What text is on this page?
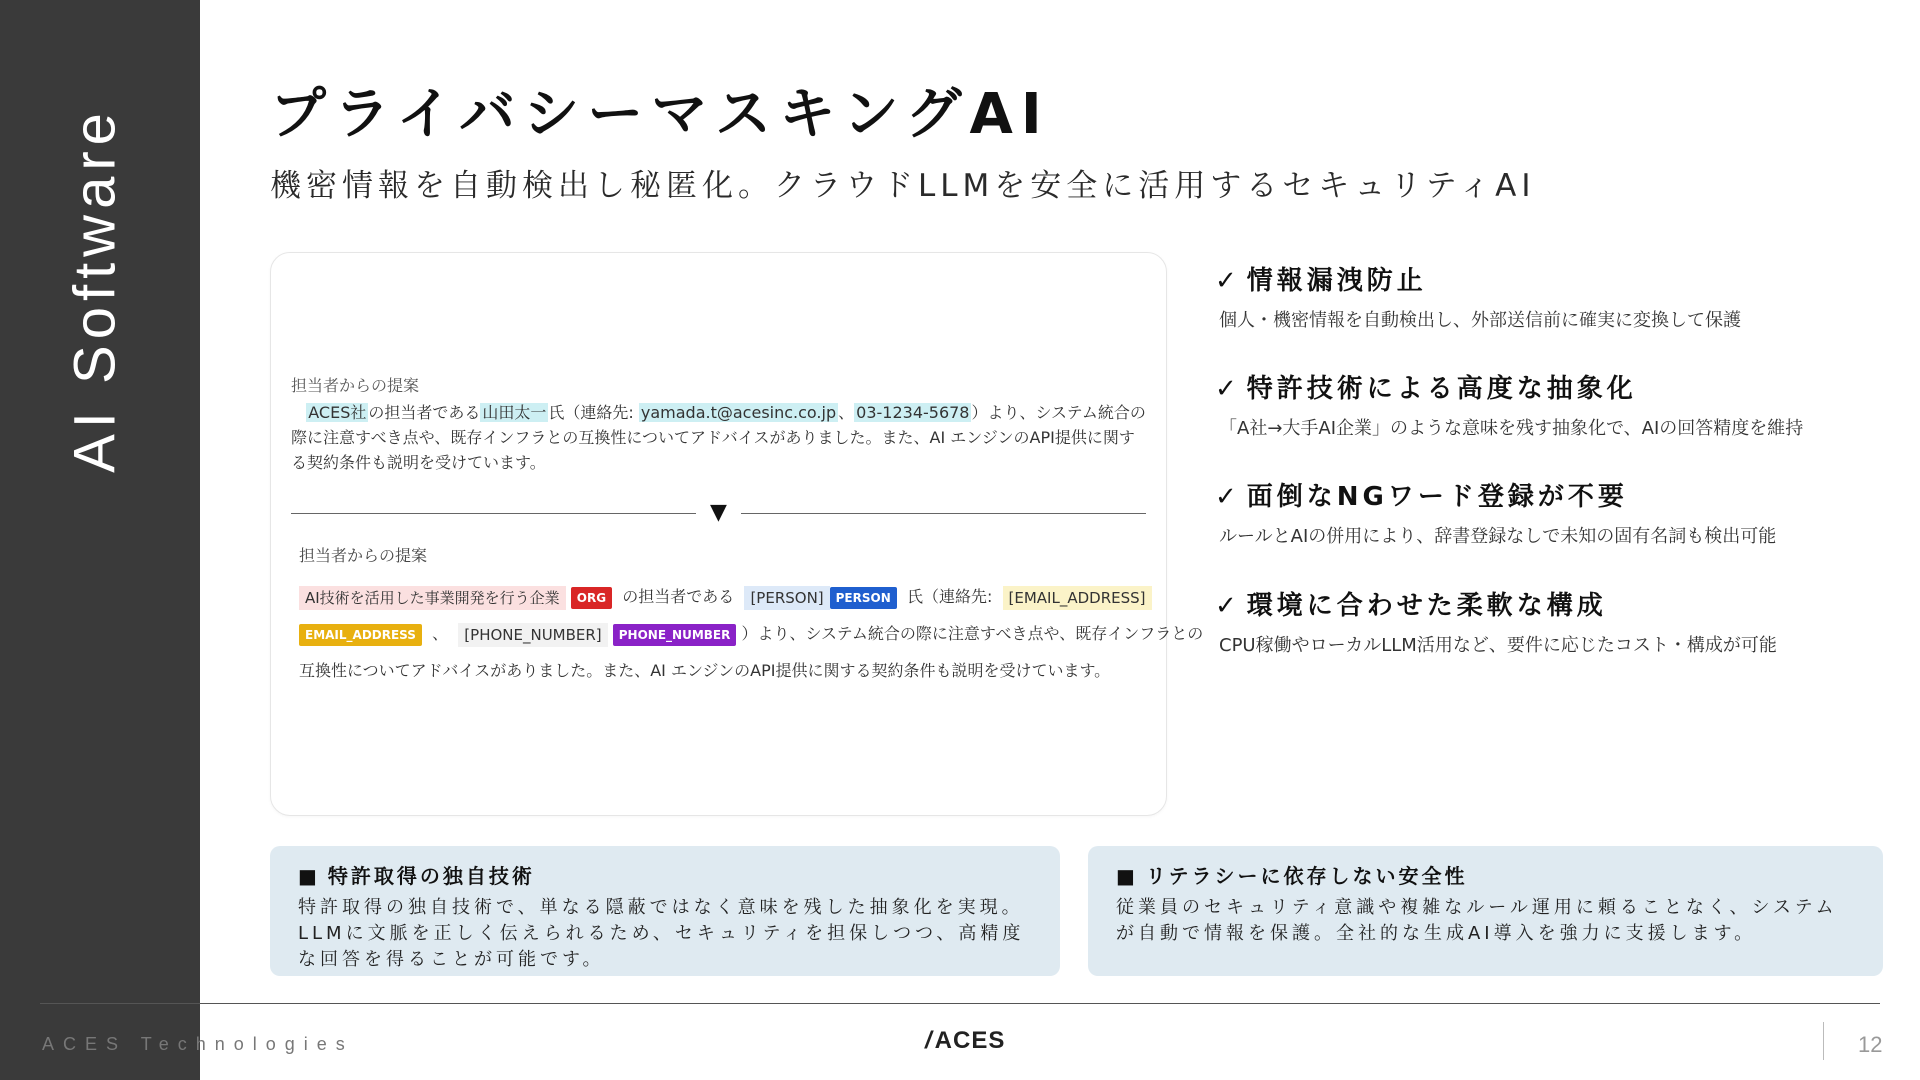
AI Software	プライバシーマスキングAI
機密情報を自動検出し秘匿化。クラウドLLMを安全に活用するセキュリティAI
担当者からの提案
ACES社 の担当者である 山田太一 氏（連絡先: yamada.t@acesinc.co.jp 、 03-1234-5678 ）より、システム統合の際に注意すべき点や、既存インフラとの互換性についてアドバイスがありました。また、AI エンジンのAPI提供に関する契約条件も説明を受けています。
▼
担当者からの提案
AI技術を活用した事業開発を行う企業 ORG の担当者である [PERSON] PERSON 氏（連絡先: [EMAIL_ADDRESS]
EMAIL_ADDRESS 、 [PHONE_NUMBER] PHONE_NUMBER ）より、システム統合の際に注意すべき点や、既存インフラとの
互換性についてアドバイスがありました。また、AI エンジンのAPI提供に関する契約条件も説明を受けています。
✓ 情報漏洩防止
個人・機密情報を自動検出し、外部送信前に確実に変換して保護
✓ 特許技術による高度な抽象化
「A社→大手AI企業」のような意味を残す抽象化で、AIの回答精度を維持
✓ 面倒なNGワード登録が不要
ルールとAIの併用により、辞書登録なしで未知の固有名詞も検出可能
✓ 環境に合わせた柔軟な構成
CPU稼働やローカルLLM活用など、要件に応じたコスト・構成が可能
■ 特許取得の独自技術
特許取得の独自技術で、単なる隠蔽ではなく意味を残した抽象化を実現。LLMに文脈を正しく伝えられるため、セキュリティを担保しつつ、高精度な回答を得ることが可能です。
■ リテラシーに依存しない安全性
従業員のセキュリティ意識や複雑なルール運用に頼ることなく、システムが自動で情報を保護。全社的な生成AI導入を強力に支援します。
ACES Technologies	/ACES	12
